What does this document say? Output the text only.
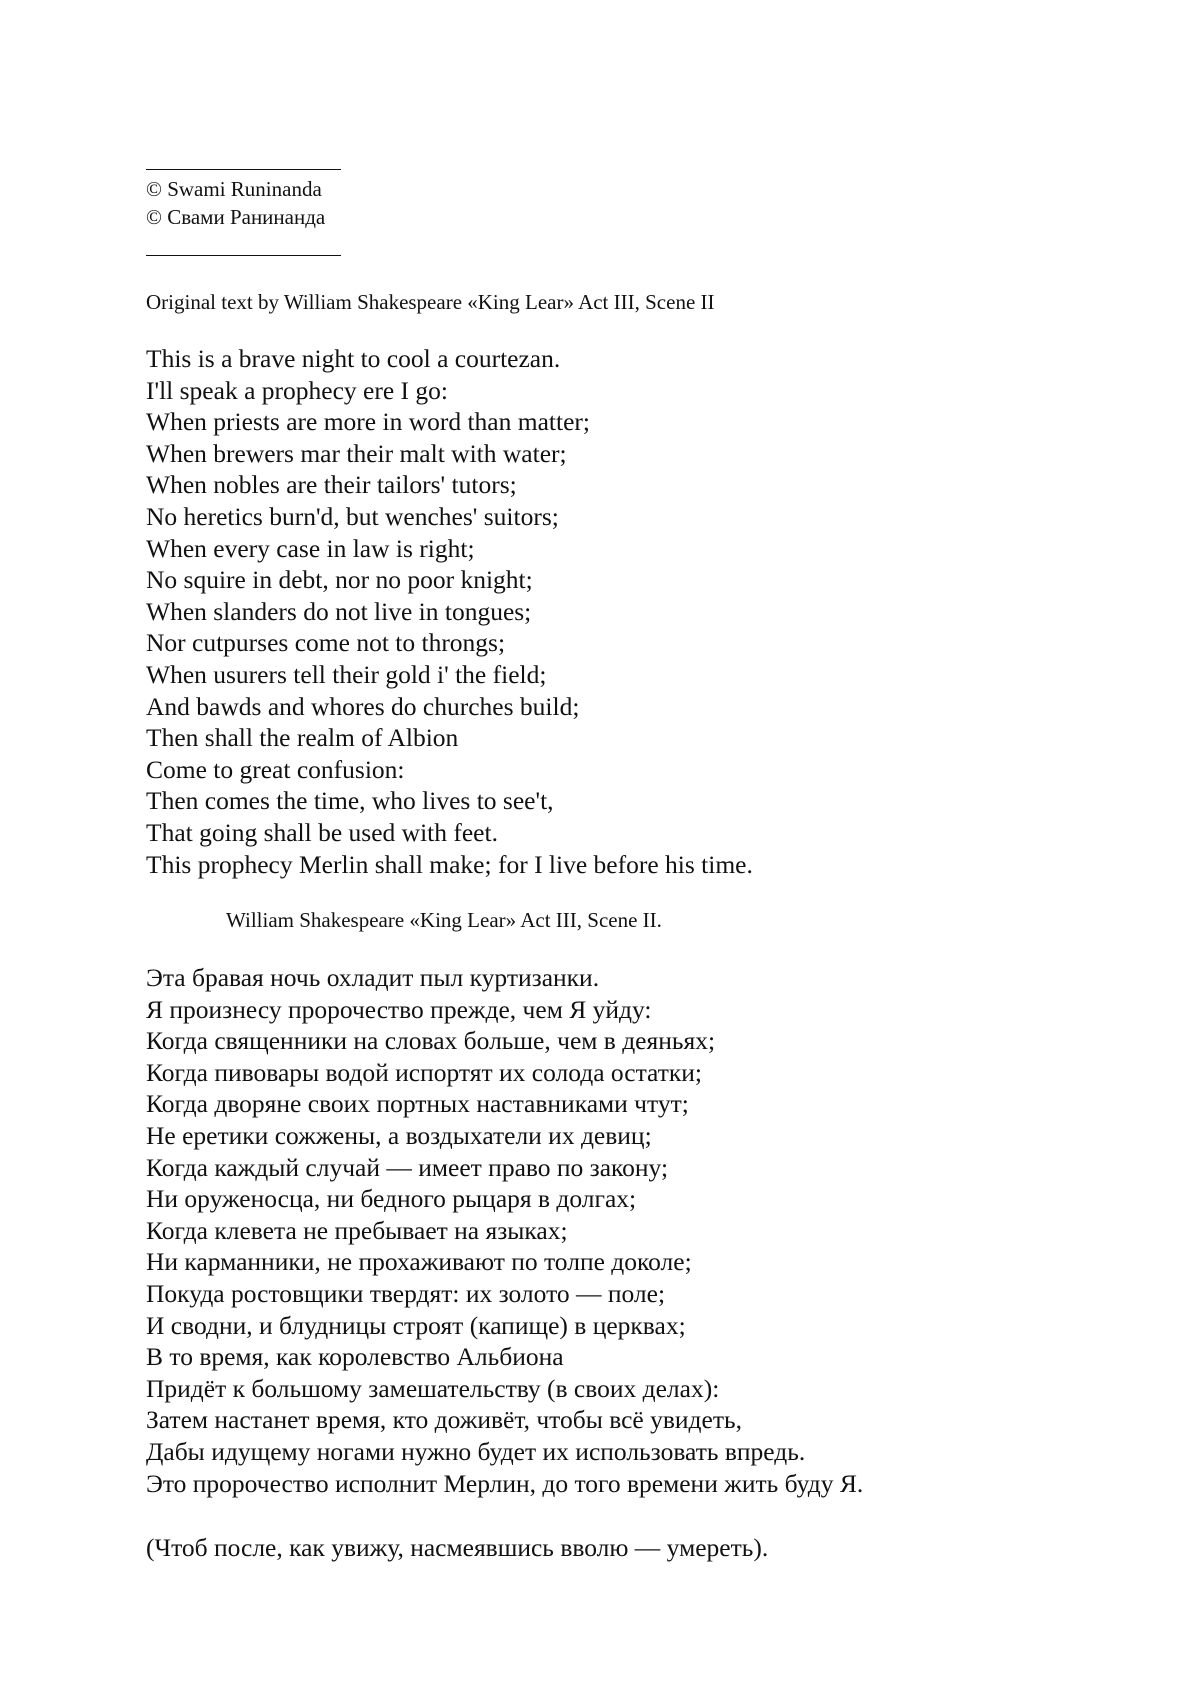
© Swami Runinanda
© Свами Ранинанда
Original text by William Shakespeare «King Lear» Act III, Scene II
This is a brave night to cool a courtezan.
I'll speak a prophecy ere I go:
When priests are more in word than matter;
When brewers mar their malt with water;
When nobles are their tailors' tutors;
No heretics burn'd, but wenches' suitors;
When every case in law is right;
No squire in debt, nor no poor knight;
When slanders do not live in tongues;
Nor cutpurses come not to throngs;
When usurers tell their gold i' the field;
And bawds and whores do churches build;
Then shall the realm of Albion
Come to great confusion:
Then comes the time, who lives to see't,
That going shall be used with feet.
This prophecy Merlin shall make; for I live before his time.
William Shakespeare «King Lear» Act III, Scene II.
Эта бравая ночь охладит пыл куртизанки.
Я произнесу пророчество прежде, чем Я уйду:
Когда священники на словах больше, чем в деяньях;
Когда пивовары водой испортят их солода остатки;
Когда дворяне своих портных наставниками чтут;
Не еретики сожжены, а воздыхатели их девиц;
Когда каждый случай — имеет право по закону;
Ни оруженосца, ни бедного рыцаря в долгах;
Когда клевета не пребывает на языках;
Ни карманники, не прохаживают по толпе доколе;
Покуда ростовщики твердят: их золото — поле;
И сводни, и блудницы строят (капище) в церквах;
В то время, как королевство Альбиона
Придёт к большому замешательству (в своих делах):
Затем настанет время, кто доживёт, чтобы всё увидеть,
Дабы идущему ногами нужно будет их использовать впредь.
Это пророчество исполнит Мерлин, до того времени жить буду Я.
(Чтоб после, как увижу, насмеявшись вволю — умереть).
